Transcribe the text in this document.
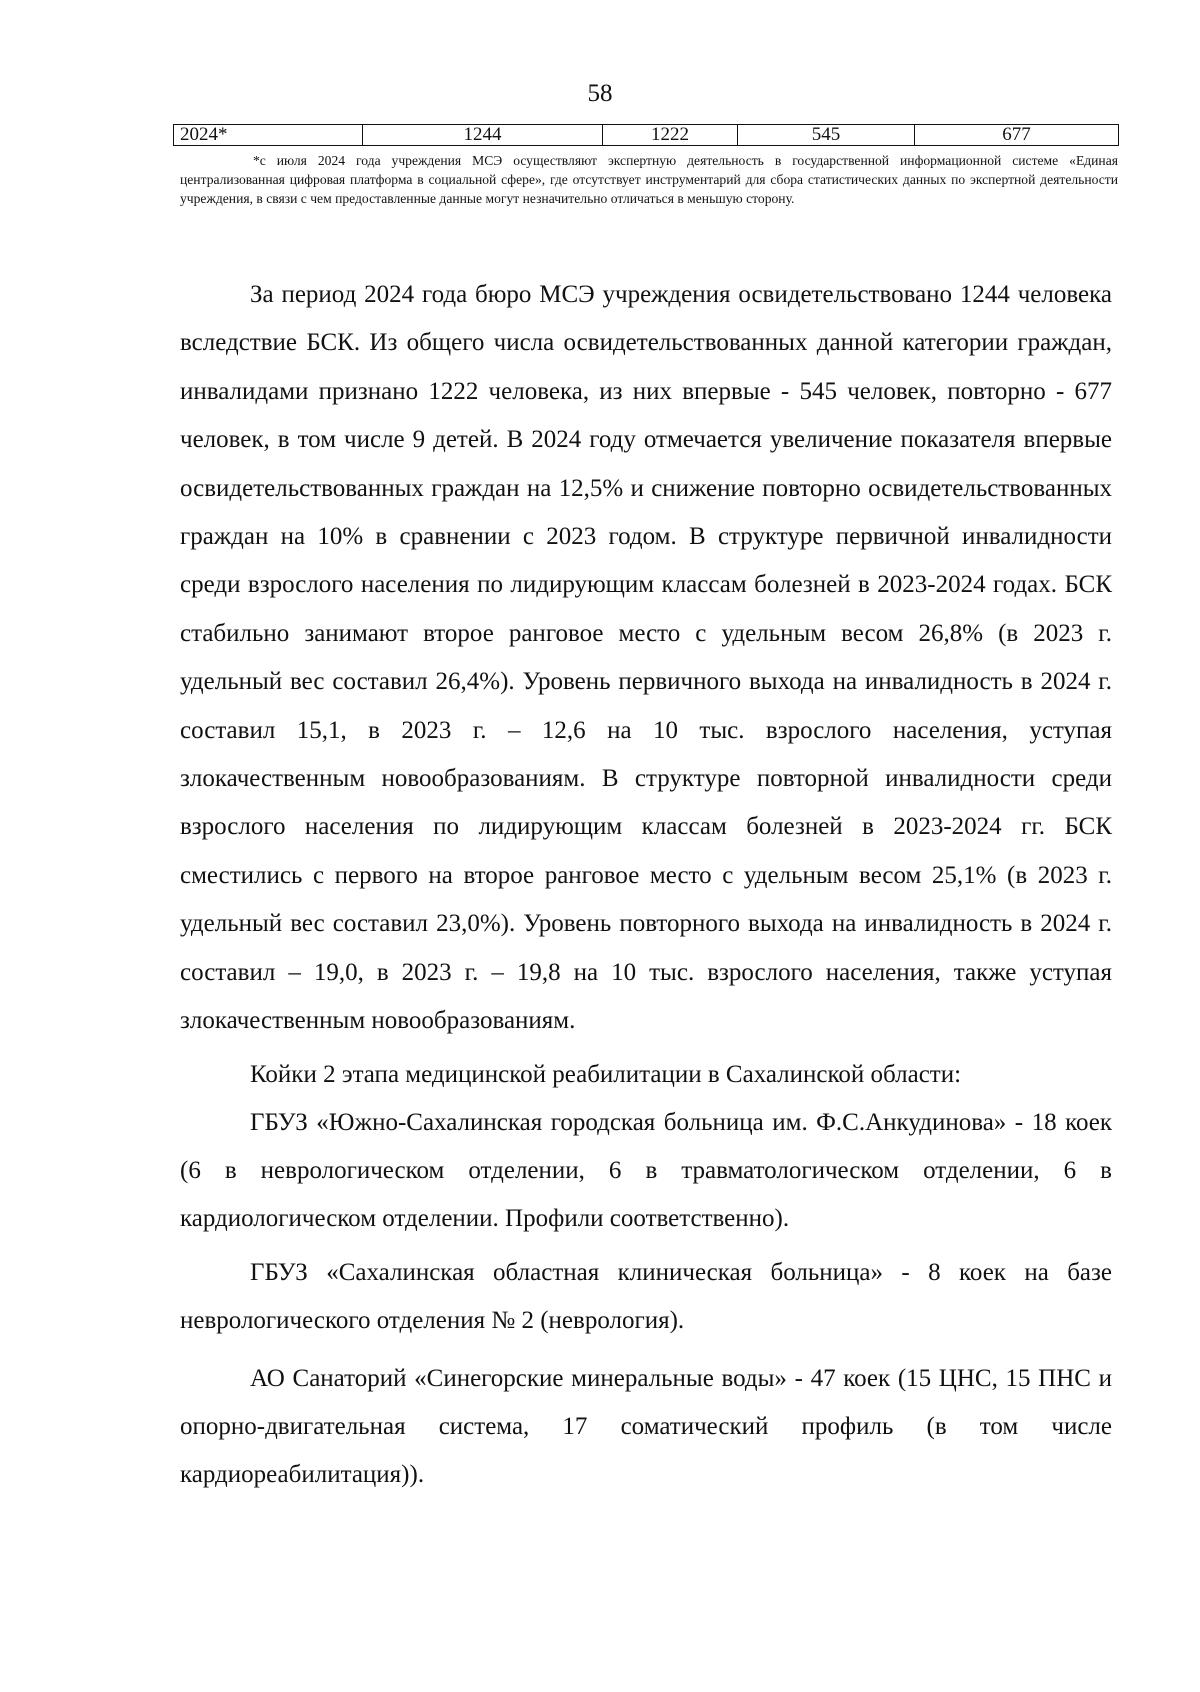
58
2024*	1244	1222	545	677

*с июля 2024 года учреждения МСЭ осуществляют экспертную деятельность в государственной информационной системе «Единая централизованная цифровая платформа в социальной сфере», где отсутствует инструментарий для сбора статистических данных по экспертной деятельности учреждения, в связи с чем предоставленные данные могут незначительно отличаться в меньшую сторону.

За период 2024 года бюро МСЭ учреждения освидетельствовано 1244 человека вследствие БСК. Из общего числа освидетельствованных данной категории граждан, инвалидами признано 1222 человека, из них впервые - 545 человек, повторно - 677 человек, в том числе 9 детей. В 2024 году отмечается увеличение показателя впервые освидетельствованных граждан на 12,5% и снижение повторно освидетельствованных граждан на 10% в сравнении с 2023 годом. В структуре первичной инвалидности среди взрослого населения по лидирующим классам болезней в 2023-2024 годах. БСК стабильно занимают второе ранговое место с удельным весом 26,8% (в 2023 г. удельный вес составил 26,4%). Уровень первичного выхода на инвалидность в 2024 г. составил 15,1, в 2023 г. – 12,6 на 10 тыс. взрослого населения, уступая злокачественным новообразованиям. В структуре повторной инвалидности среди взрослого населения по лидирующим классам болезней в 2023-2024 гг. БСК сместились с первого на второе ранговое место с удельным весом 25,1% (в 2023 г. удельный вес составил 23,0%). Уровень повторного выхода на инвалидность в 2024 г. составил – 19,0, в 2023 г. – 19,8 на 10 тыс. взрослого населения, также уступая злокачественным новообразованиям.

Койки 2 этапа медицинской реабилитации в Сахалинской области:

ГБУЗ «Южно-Сахалинская городская больница им. Ф.С.Анкудинова» - 18 коек (6 в неврологическом отделении, 6 в травматологическом отделении, 6 в кардиологическом отделении. Профили соответственно).

ГБУЗ «Сахалинская областная клиническая больница» - 8 коек на базе неврологического отделения № 2 (неврология).

АО Санаторий «Синегорские минеральные воды» - 47 коек (15 ЦНС, 15 ПНС и опорно-двигательная система, 17 соматический профиль (в том числе кардиореабилитация)).
